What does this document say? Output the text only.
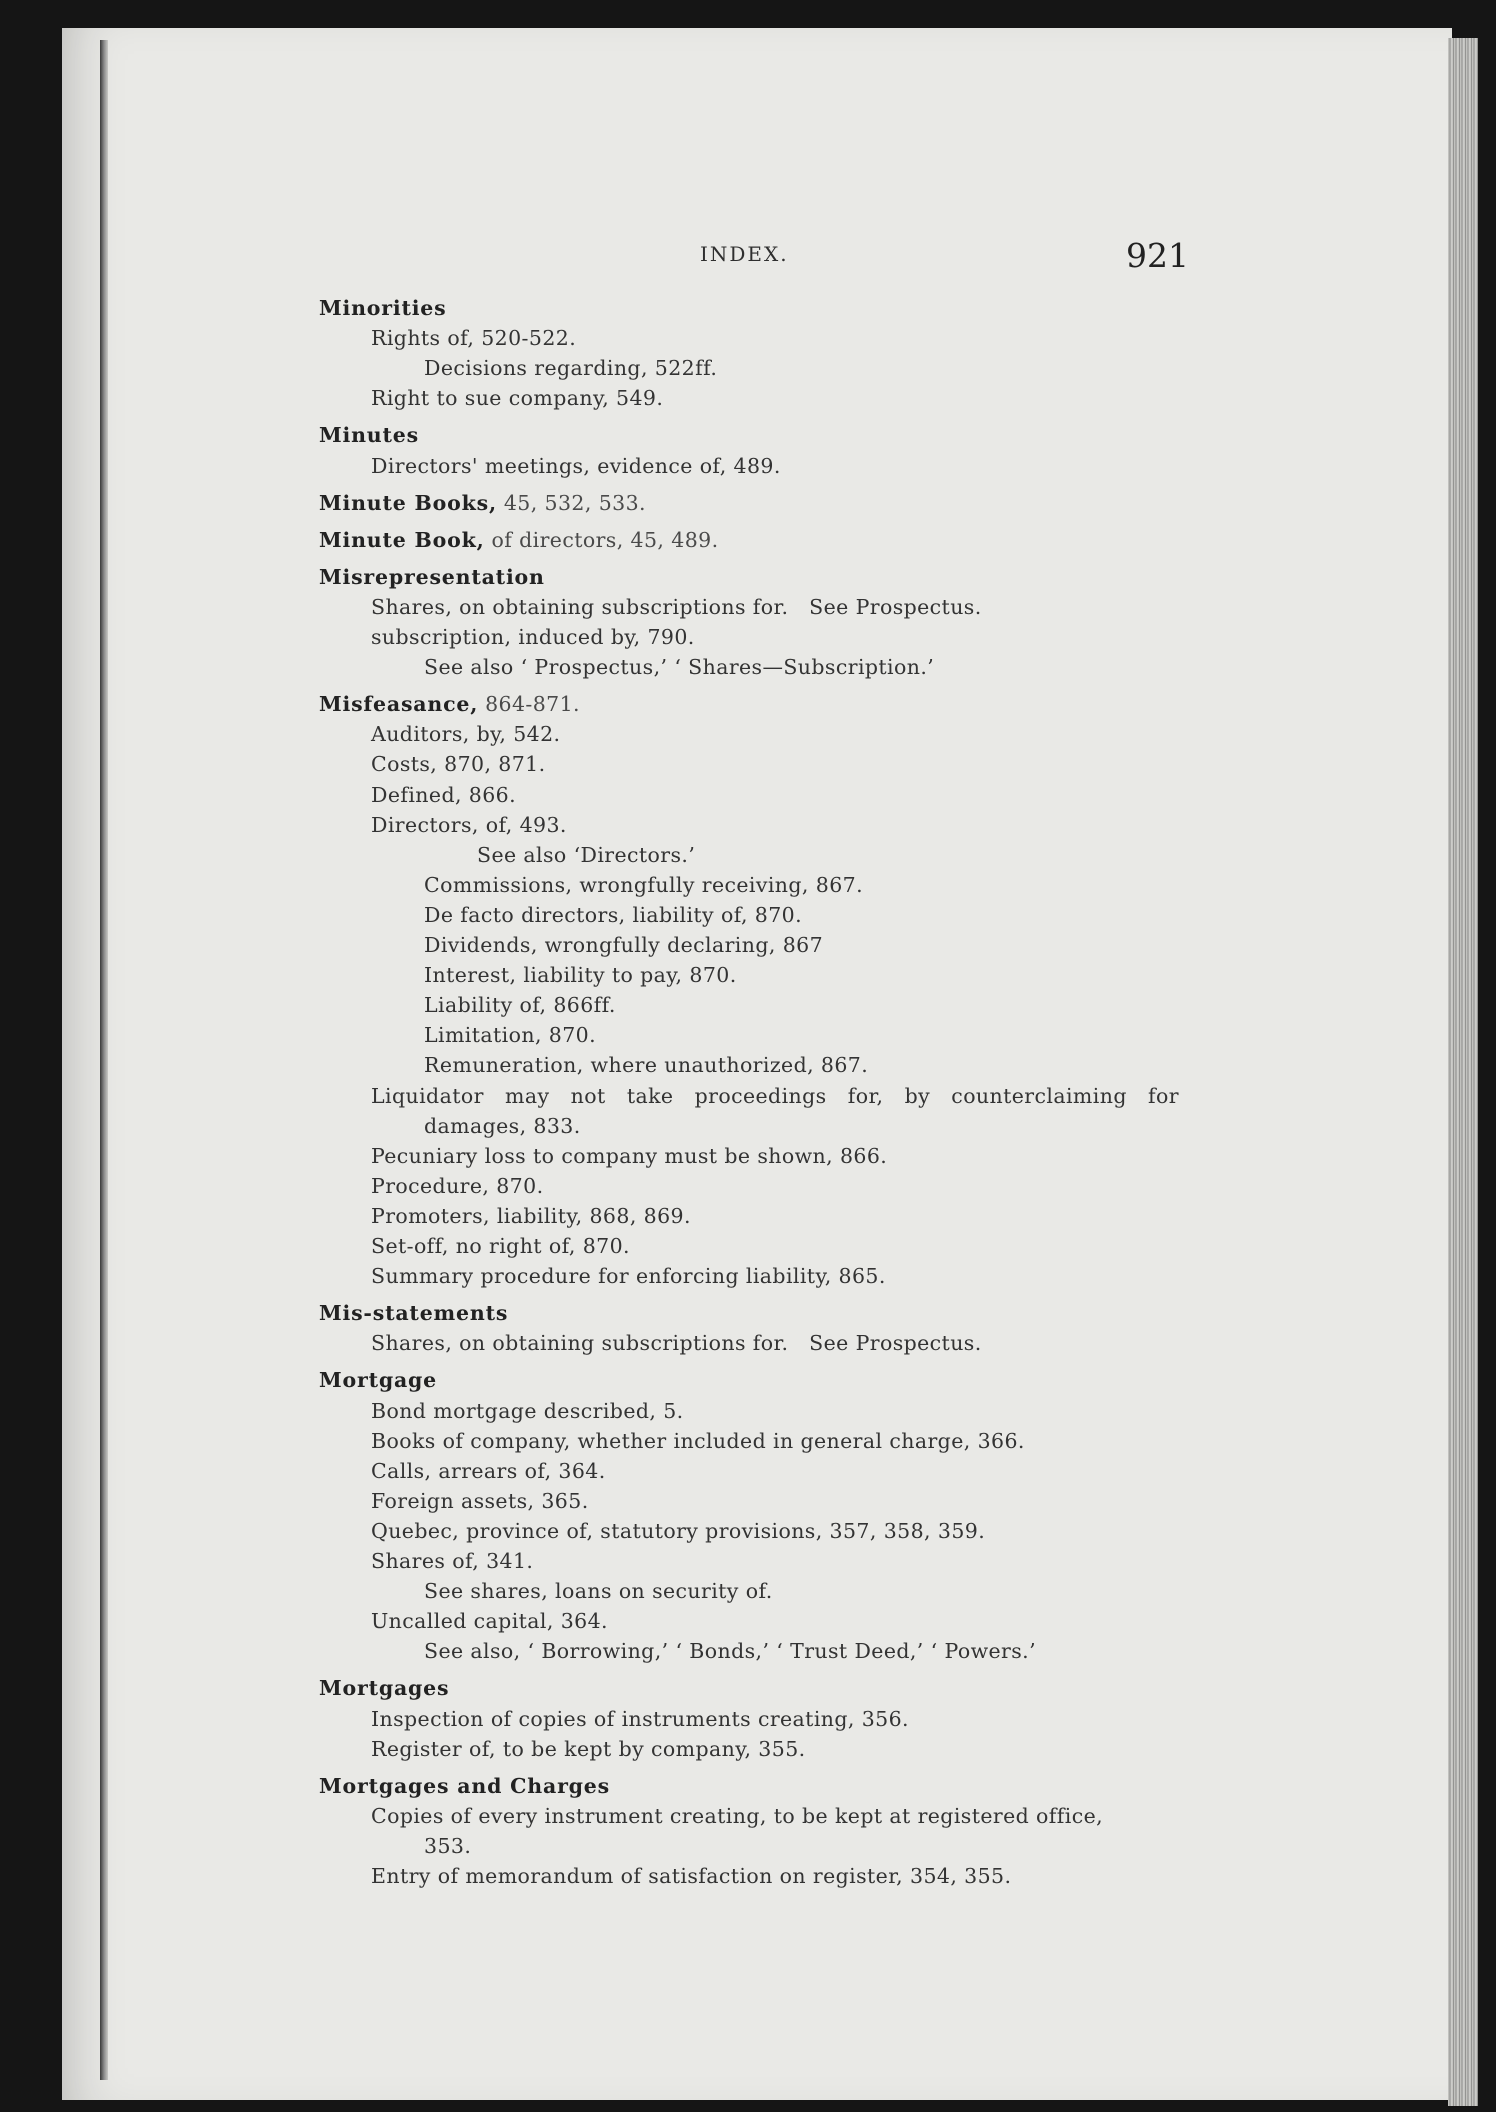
INDEX.	921
Minorities
Rights of, 520-522.
Decisions regarding, 522ff.
Right to sue company, 549.
Minutes
Directors' meetings, evidence of, 489.
Minute Books, 45, 532, 533.
Minute Book, of directors, 45, 489.
Misrepresentation
Shares, on obtaining subscriptions for.   See Prospectus.
subscription, induced by, 790.
See also ‘ Prospectus,’ ‘ Shares—Subscription.’
Misfeasance, 864-871.
Auditors, by, 542.
Costs, 870, 871.
Defined, 866.
Directors, of, 493.
See also ‘Directors.’
Commissions, wrongfully receiving, 867.
De facto directors, liability of, 870.
Dividends, wrongfully declaring, 867
Interest, liability to pay, 870.
Liability of, 866ff.
Limitation, 870.
Remuneration, where unauthorized, 867.
Liquidator may not take proceedings for, by counterclaiming for
damages, 833.
Pecuniary loss to company must be shown, 866.
Procedure, 870.
Promoters, liability, 868, 869.
Set-off, no right of, 870.
Summary procedure for enforcing liability, 865.
Mis-statements
Shares, on obtaining subscriptions for.   See Prospectus.
Mortgage
Bond mortgage described, 5.
Books of company, whether included in general charge, 366.
Calls, arrears of, 364.
Foreign assets, 365.
Quebec, province of, statutory provisions, 357, 358, 359.
Shares of, 341.
See shares, loans on security of.
Uncalled capital, 364.
See also, ‘ Borrowing,’ ‘ Bonds,’ ‘ Trust Deed,’ ‘ Powers.’
Mortgages
Inspection of copies of instruments creating, 356.
Register of, to be kept by company, 355.
Mortgages and Charges
Copies of every instrument creating, to be kept at registered office,
353.
Entry of memorandum of satisfaction on register, 354, 355.
